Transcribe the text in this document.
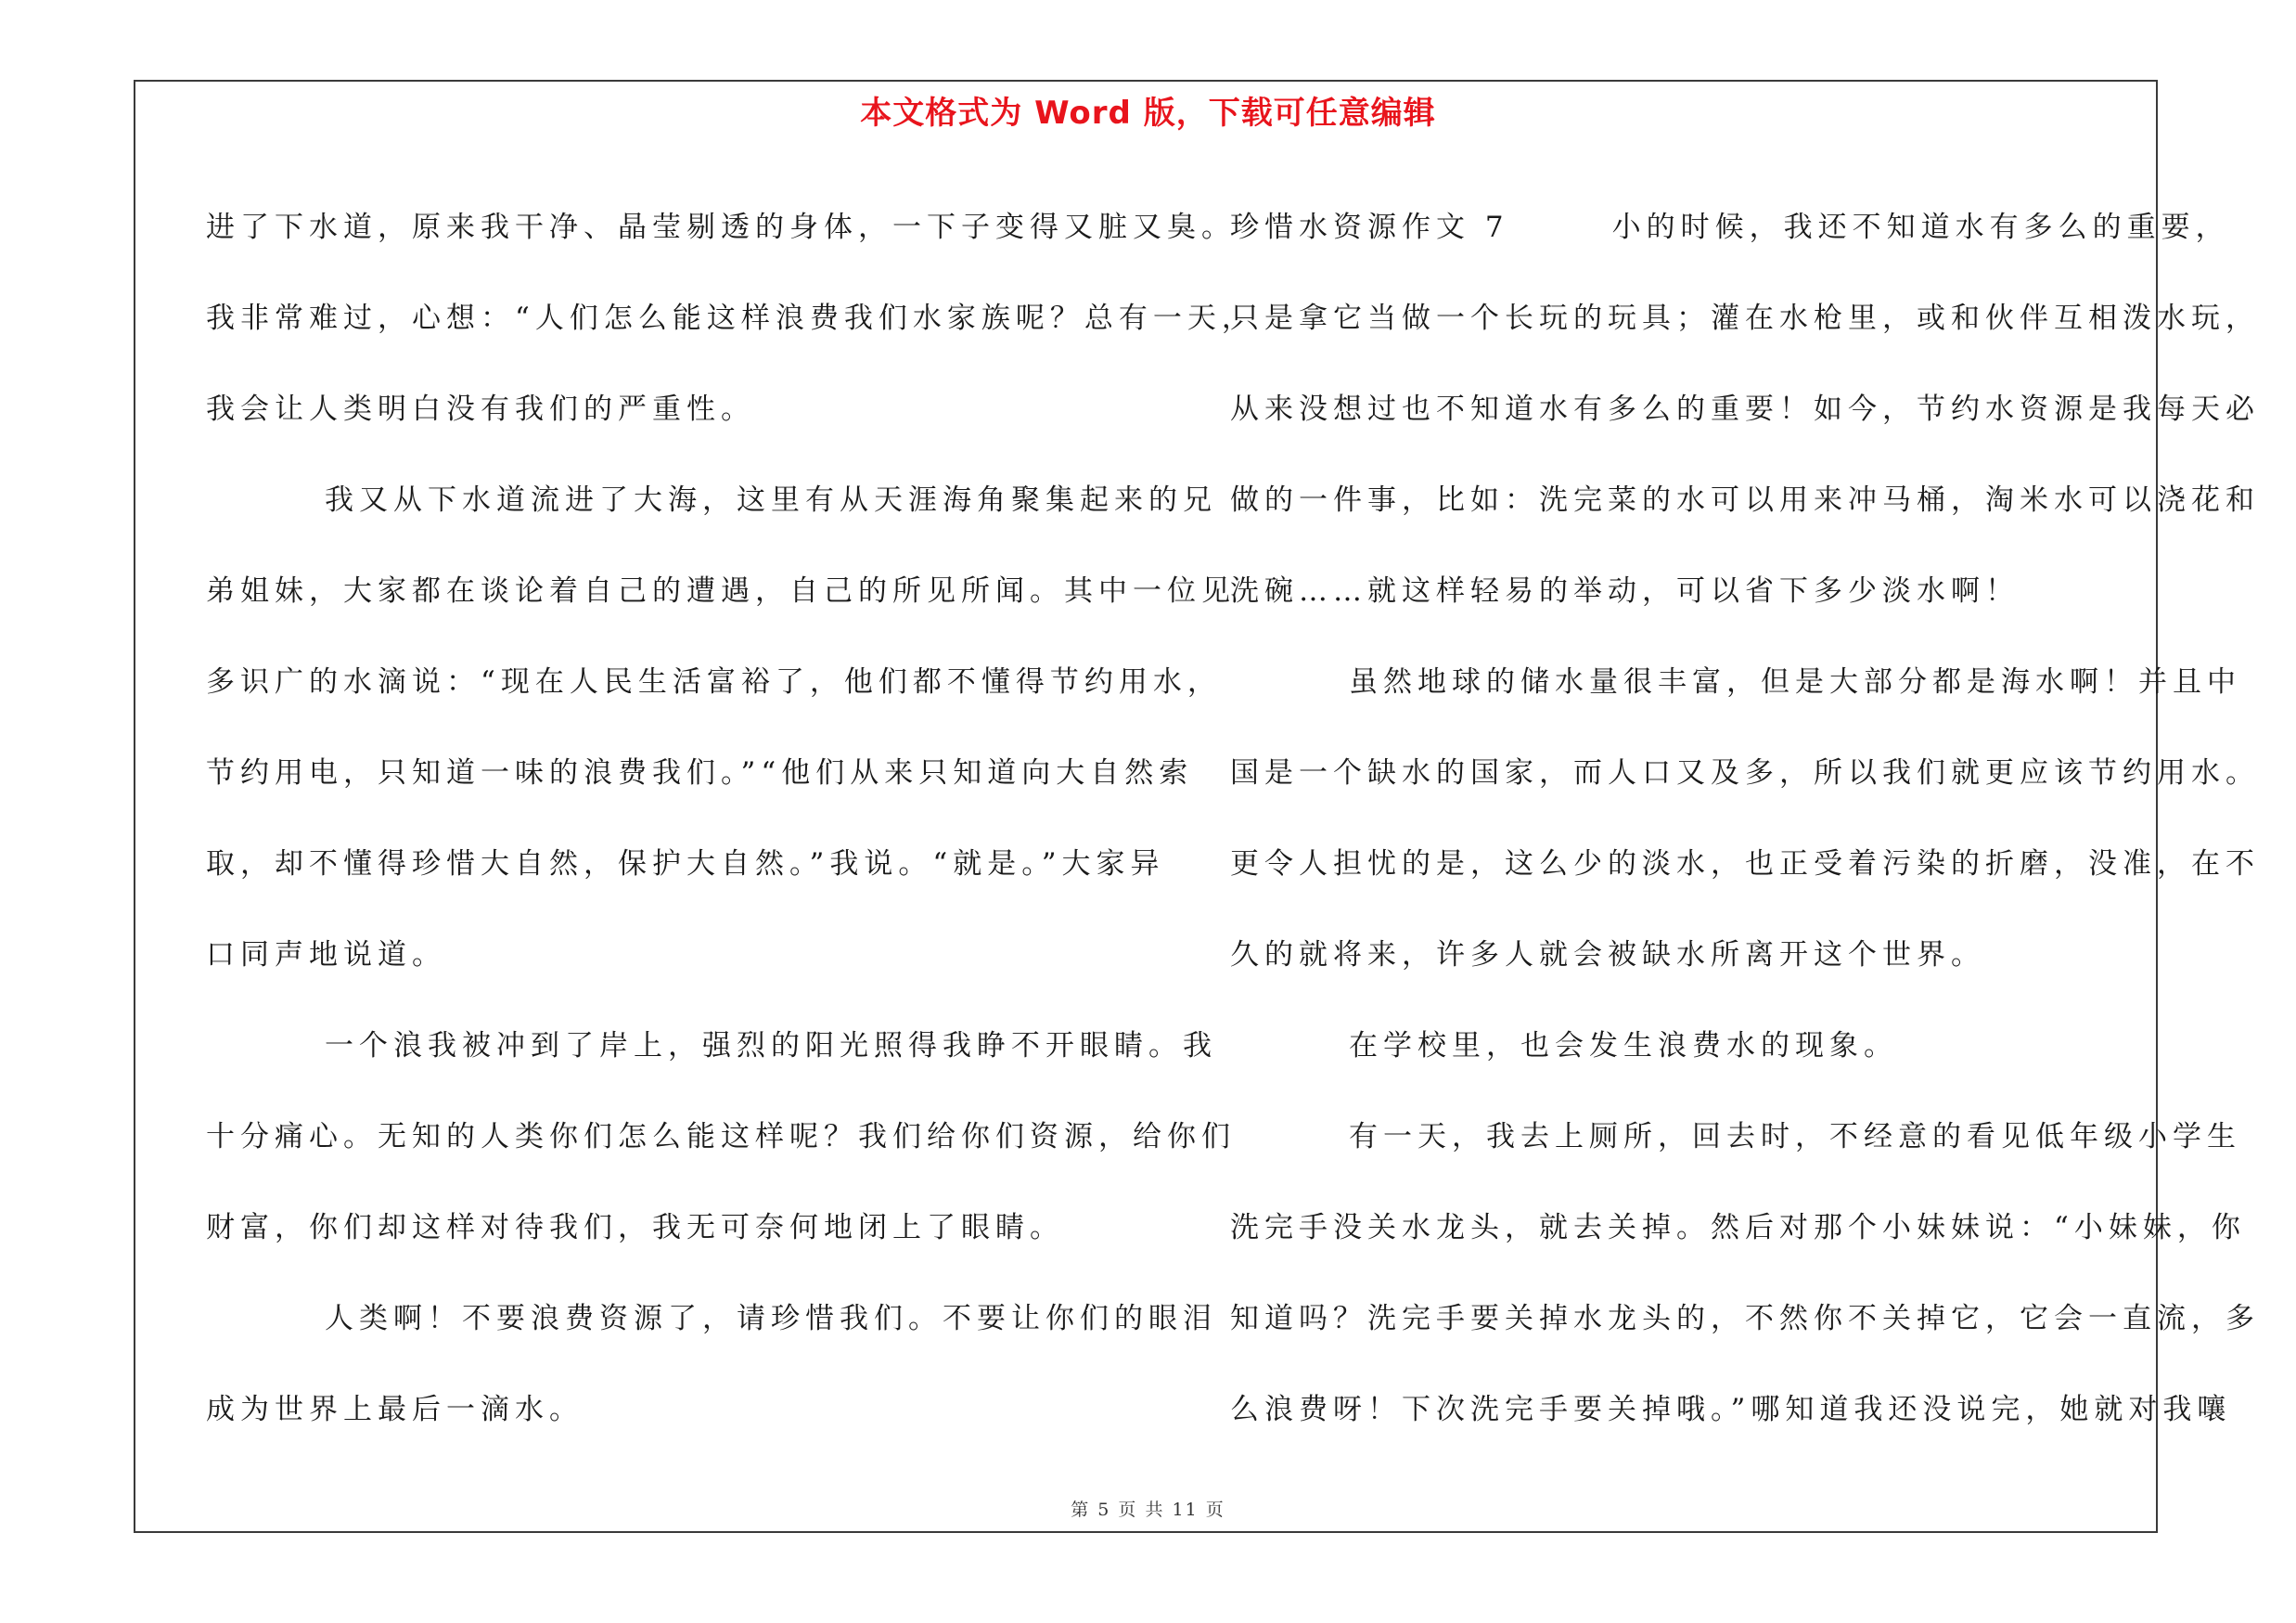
本文格式为 Word 版，下载可任意编辑
进了下水道，原来我干净、晶莹剔透的身体，一下子变得又脏又臭。
我非常难过，心想：“人们怎么能这样浪费我们水家族呢？总有一天，
我会让人类明白没有我们的严重性。
我又从下水道流进了大海，这里有从天涯海角聚集起来的兄
弟姐妹，大家都在谈论着自己的遭遇，自己的所见所闻。其中一位见
多识广的水滴说：“现在人民生活富裕了，他们都不懂得节约用水，
节约用电，只知道一味的浪费我们。”“他们从来只知道向大自然索
取，却不懂得珍惜大自然，保护大自然。”我说。“就是。”大家异
口同声地说道。
一个浪我被冲到了岸上，强烈的阳光照得我睁不开眼睛。我
十分痛心。无知的人类你们怎么能这样呢？我们给你们资源，给你们
财富，你们却这样对待我们，我无可奈何地闭上了眼睛。
人类啊！不要浪费资源了，请珍惜我们。不要让你们的眼泪
成为世界上最后一滴水。
珍惜水资源作文 7　　　小的时候，我还不知道水有多么的重要，
只是拿它当做一个长玩的玩具；灌在水枪里，或和伙伴互相泼水玩，
从来没想过也不知道水有多么的重要！如今，节约水资源是我每天必
做的一件事，比如：洗完菜的水可以用来冲马桶，淘米水可以浇花和
洗碗……就这样轻易的举动，可以省下多少淡水啊！
虽然地球的储水量很丰富，但是大部分都是海水啊！并且中
国是一个缺水的国家，而人口又及多，所以我们就更应该节约用水。
更令人担忧的是，这么少的淡水，也正受着污染的折磨，没准，在不
久的就将来，许多人就会被缺水所离开这个世界。
在学校里，也会发生浪费水的现象。
有一天，我去上厕所，回去时，不经意的看见低年级小学生
洗完手没关水龙头，就去关掉。然后对那个小妹妹说：“小妹妹，你
知道吗？洗完手要关掉水龙头的，不然你不关掉它，它会一直流，多
么浪费呀！下次洗完手要关掉哦。”哪知道我还没说完，她就对我嚷
第 5 页 共 11 页
